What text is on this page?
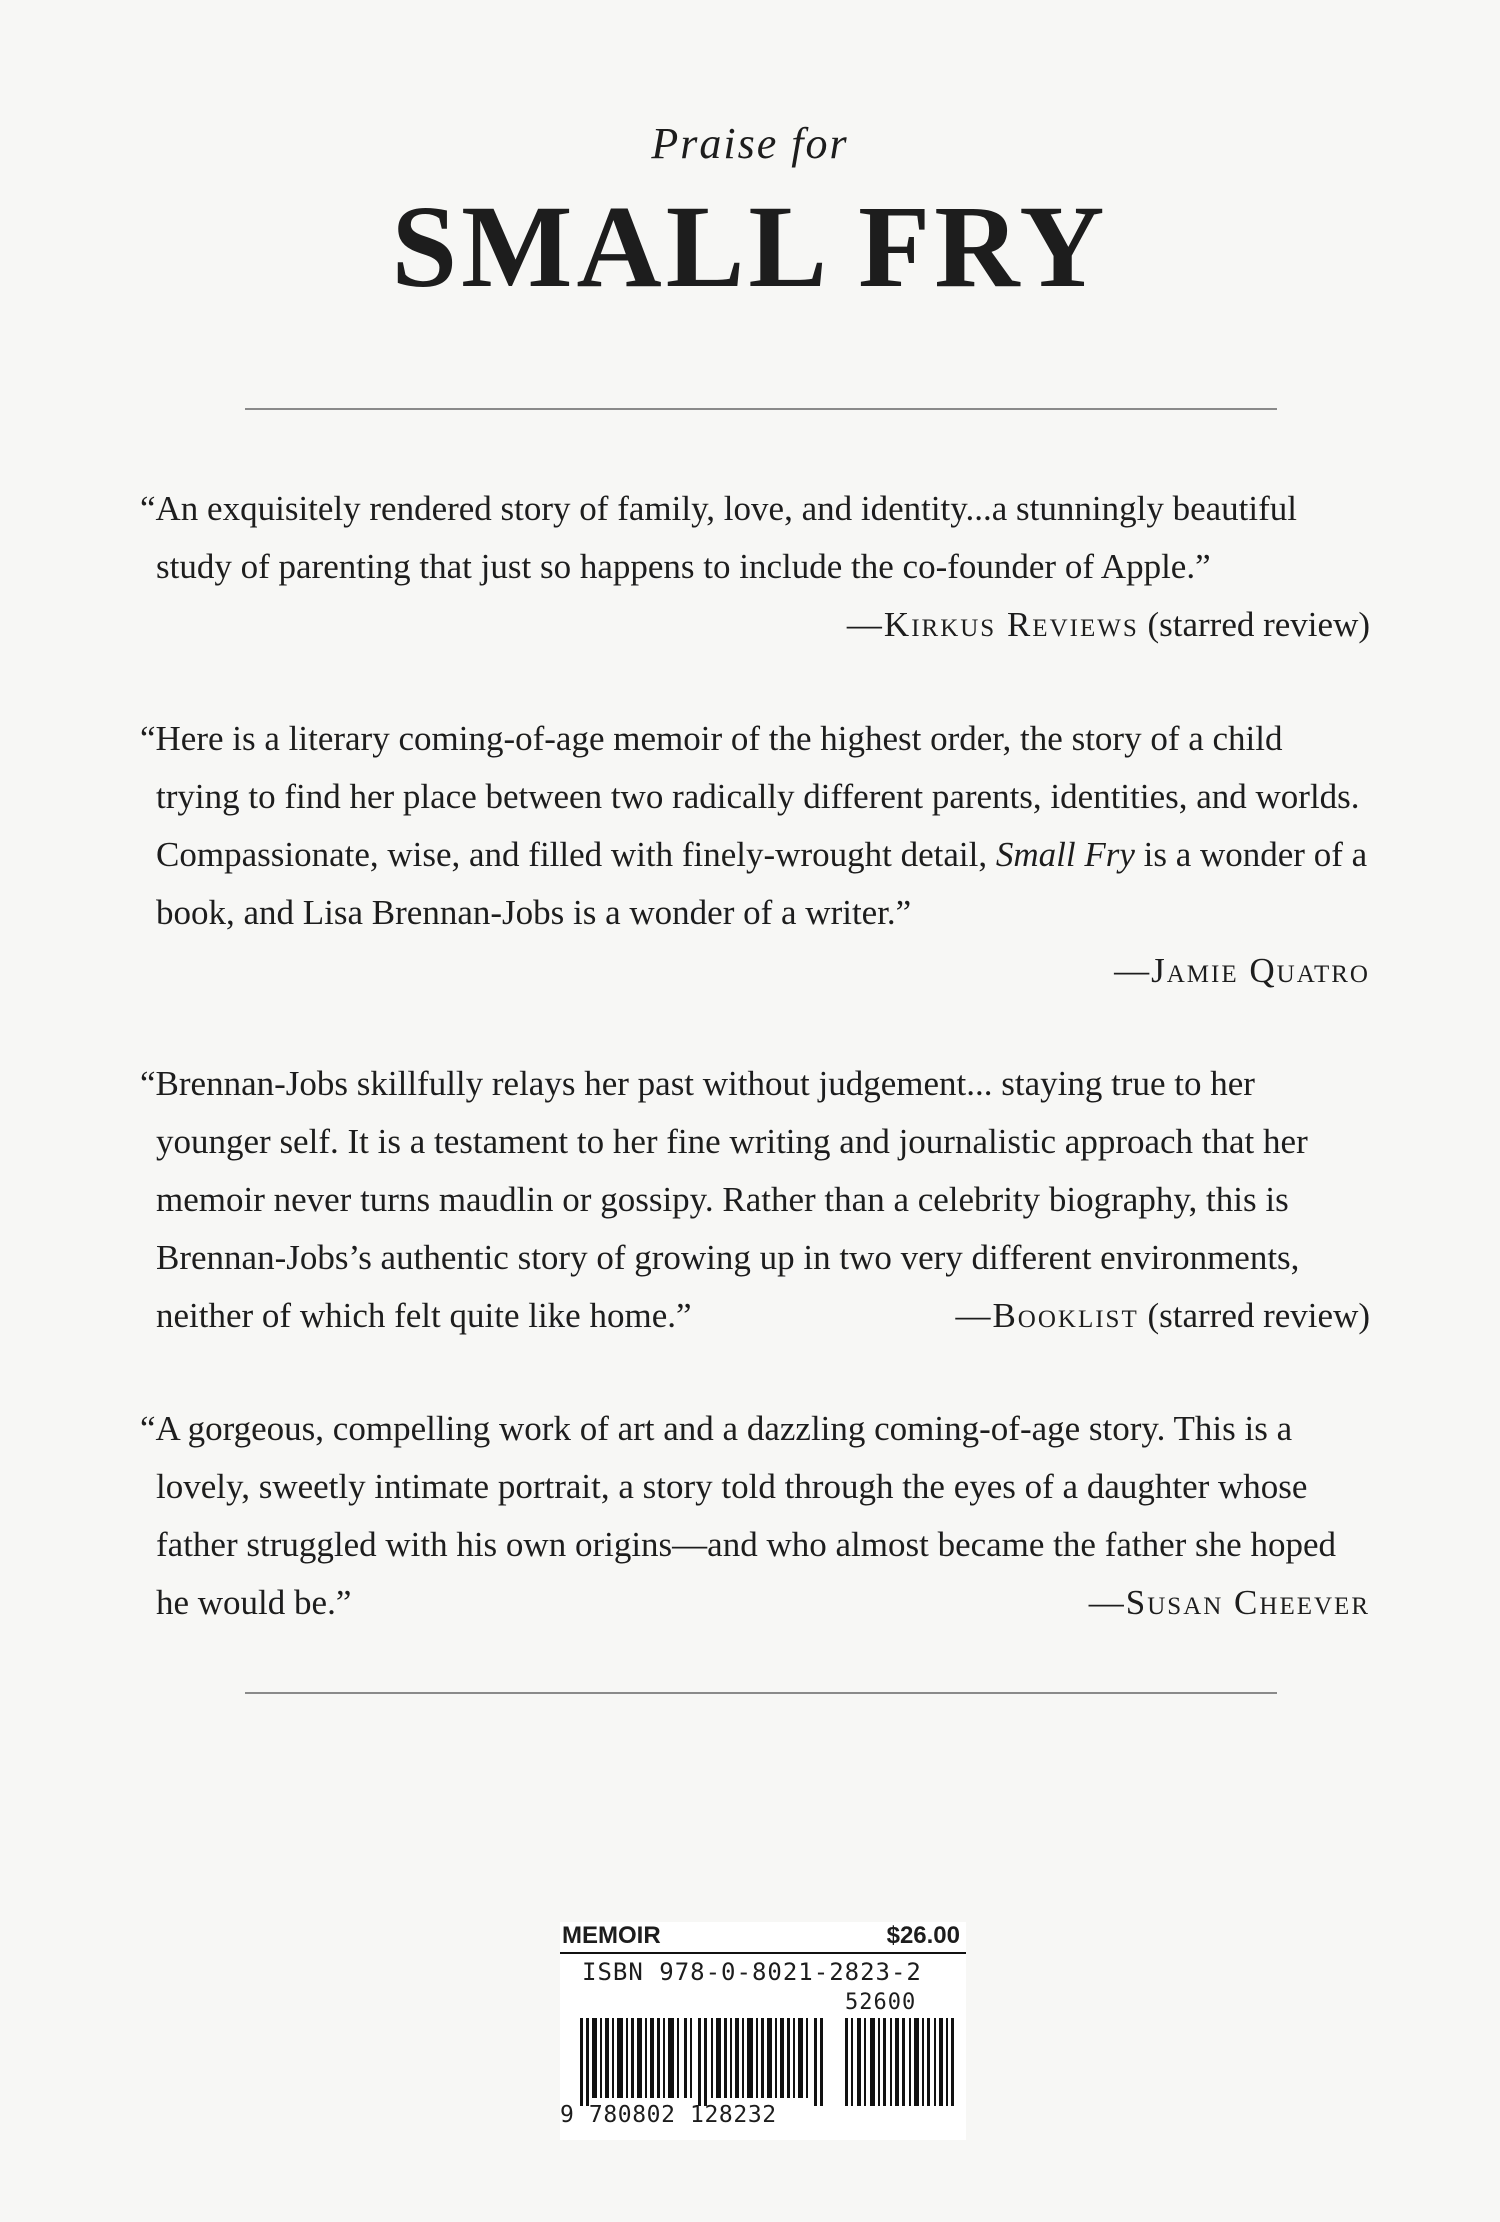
Praise for
SMALL FRY

“An exquisitely rendered story of family, love, and identity...a stunningly beautiful study of parenting that just so happens to include the co-founder of Apple.”
—Kirkus Reviews (starred review)

“Here is a literary coming-of-age memoir of the highest order, the story of a child trying to find her place between two radically different parents, identities, and worlds. Compassionate, wise, and filled with finely-wrought detail, Small Fry is a wonder of a book, and Lisa Brennan-Jobs is a wonder of a writer.”

—Jamie Quatro

“Brennan-Jobs skillfully relays her past without judgement... staying true to her younger self. It is a testament to her fine writing and journalistic approach that her memoir never turns maudlin or gossipy. Rather than a celebrity biography, this is Brennan-Jobs’s authentic story of growing up in two very different environments, neither of which felt quite like home.”	—Booklist (starred review)

“A gorgeous, compelling work of art and a dazzling coming-of-age story. This is a lovely, sweetly intimate portrait, a story told through the eyes of a daughter whose father struggled with his own origins—and who almost became the father she hoped he would be.”	—Susan Cheever

MEMOIR	$26.00
ISBN 978-0-8021-2823-2
52600
9 780802 128232
